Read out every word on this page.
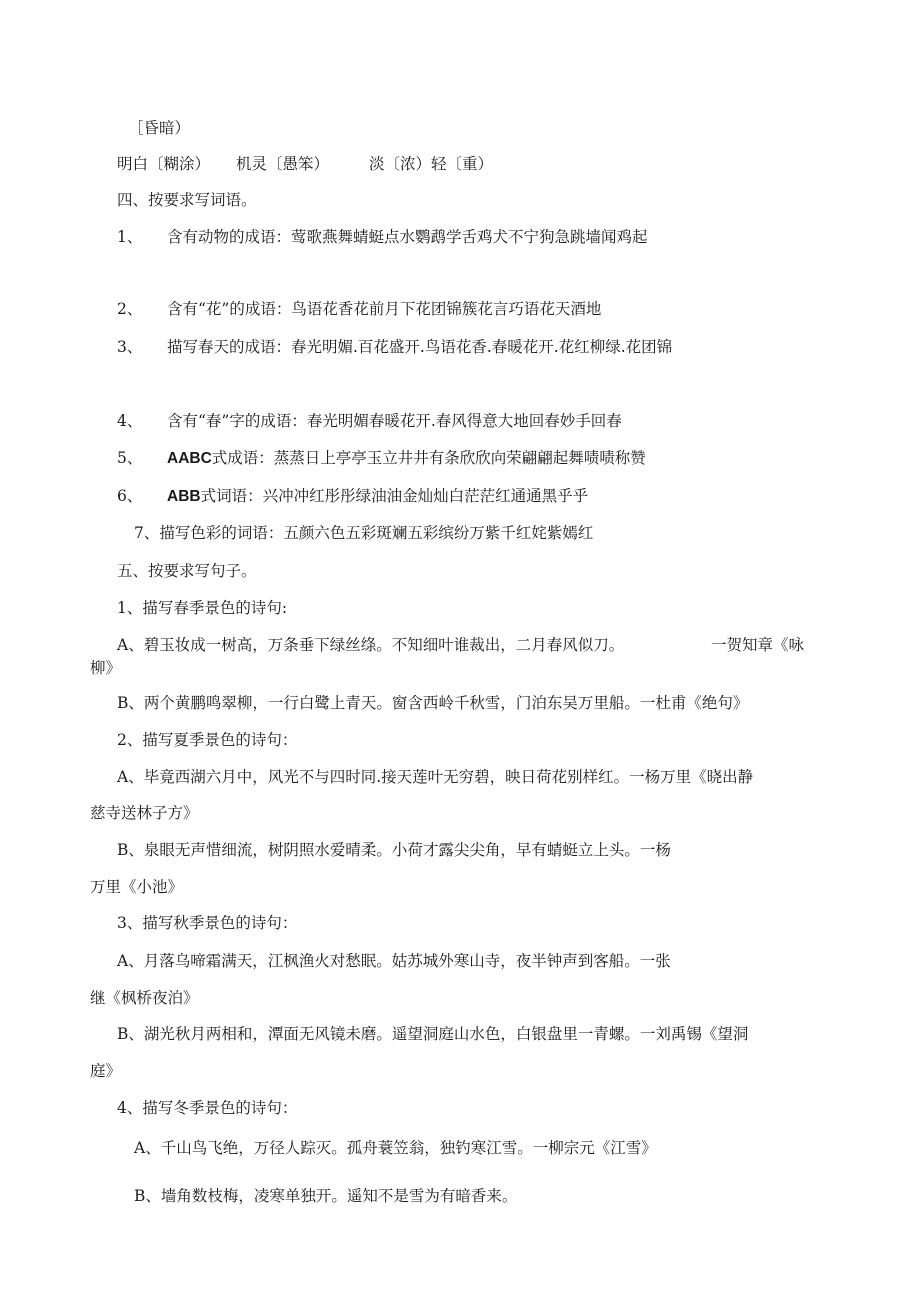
［昏暗）
明白〔糊涂） 机灵〔愚笨）	淡〔浓）轻〔重）
四、按要求写词语。
1、 含有动物的成语：莺歌燕舞蜻蜓点水鹦鹉学舌鸡犬不宁狗急跳墙闻鸡起
2、 含有“花”的成语：鸟语花香花前月下花团锦簇花言巧语花天酒地
3、 描写春天的成语：春光明媚.百花盛开.鸟语花香.春暖花开.花红柳绿.花团锦
4、 含有“春”字的成语：春光明媚春暖花开.春风得意大地回春妙手回春
5、 AABC式成语：蒸蒸日上亭亭玉立井井有条欣欣向荣翩翩起舞啧啧称赞
6、 ABB式词语：兴冲冲红彤彤绿油油金灿灿白茫茫红通通黑乎乎
7、描写色彩的词语：五颜六色五彩斑斓五彩缤纷万紫千红姹紫嫣红
五、按要求写句子。
1、描写春季景色的诗句:
A、碧玉妆成一树高，万条垂下绿丝绦。不知细叶谁裁出，二月春风似刀。	一贺知章《咏
柳》
B、两个黄鹏鸣翠柳，一行白鹭上青天。窗含西岭千秋雪，门泊东吴万里船。一杜甫《绝句》
2、描写夏季景色的诗句：
A、毕竟西湖六月中，风光不与四时同.接天莲叶无穷碧，映日荷花别样红。一杨万里《晓出静
慈寺送林子方》
B、泉眼无声惜细流，树阴照水爱晴柔。小荷才露尖尖角，早有蜻蜓立上头。一杨
万里《小池》
3、描写秋季景色的诗句：
A、月落乌啼霜满天，江枫渔火对愁眠。姑苏城外寒山寺，夜半钟声到客船。一张
继《枫桥夜泊》
B、湖光秋月两相和，潭面无风镜未磨。遥望洞庭山水色，白银盘里一青螺。一刘禹锡《望洞
庭》
4、描写冬季景色的诗句：
A、千山鸟飞绝，万径人踪灭。孤舟蓑笠翁，独钓寒江雪。一柳宗元《江雪》
B、墙角数枝梅，凌寒单独开。遥知不是雪为有暗香来。
